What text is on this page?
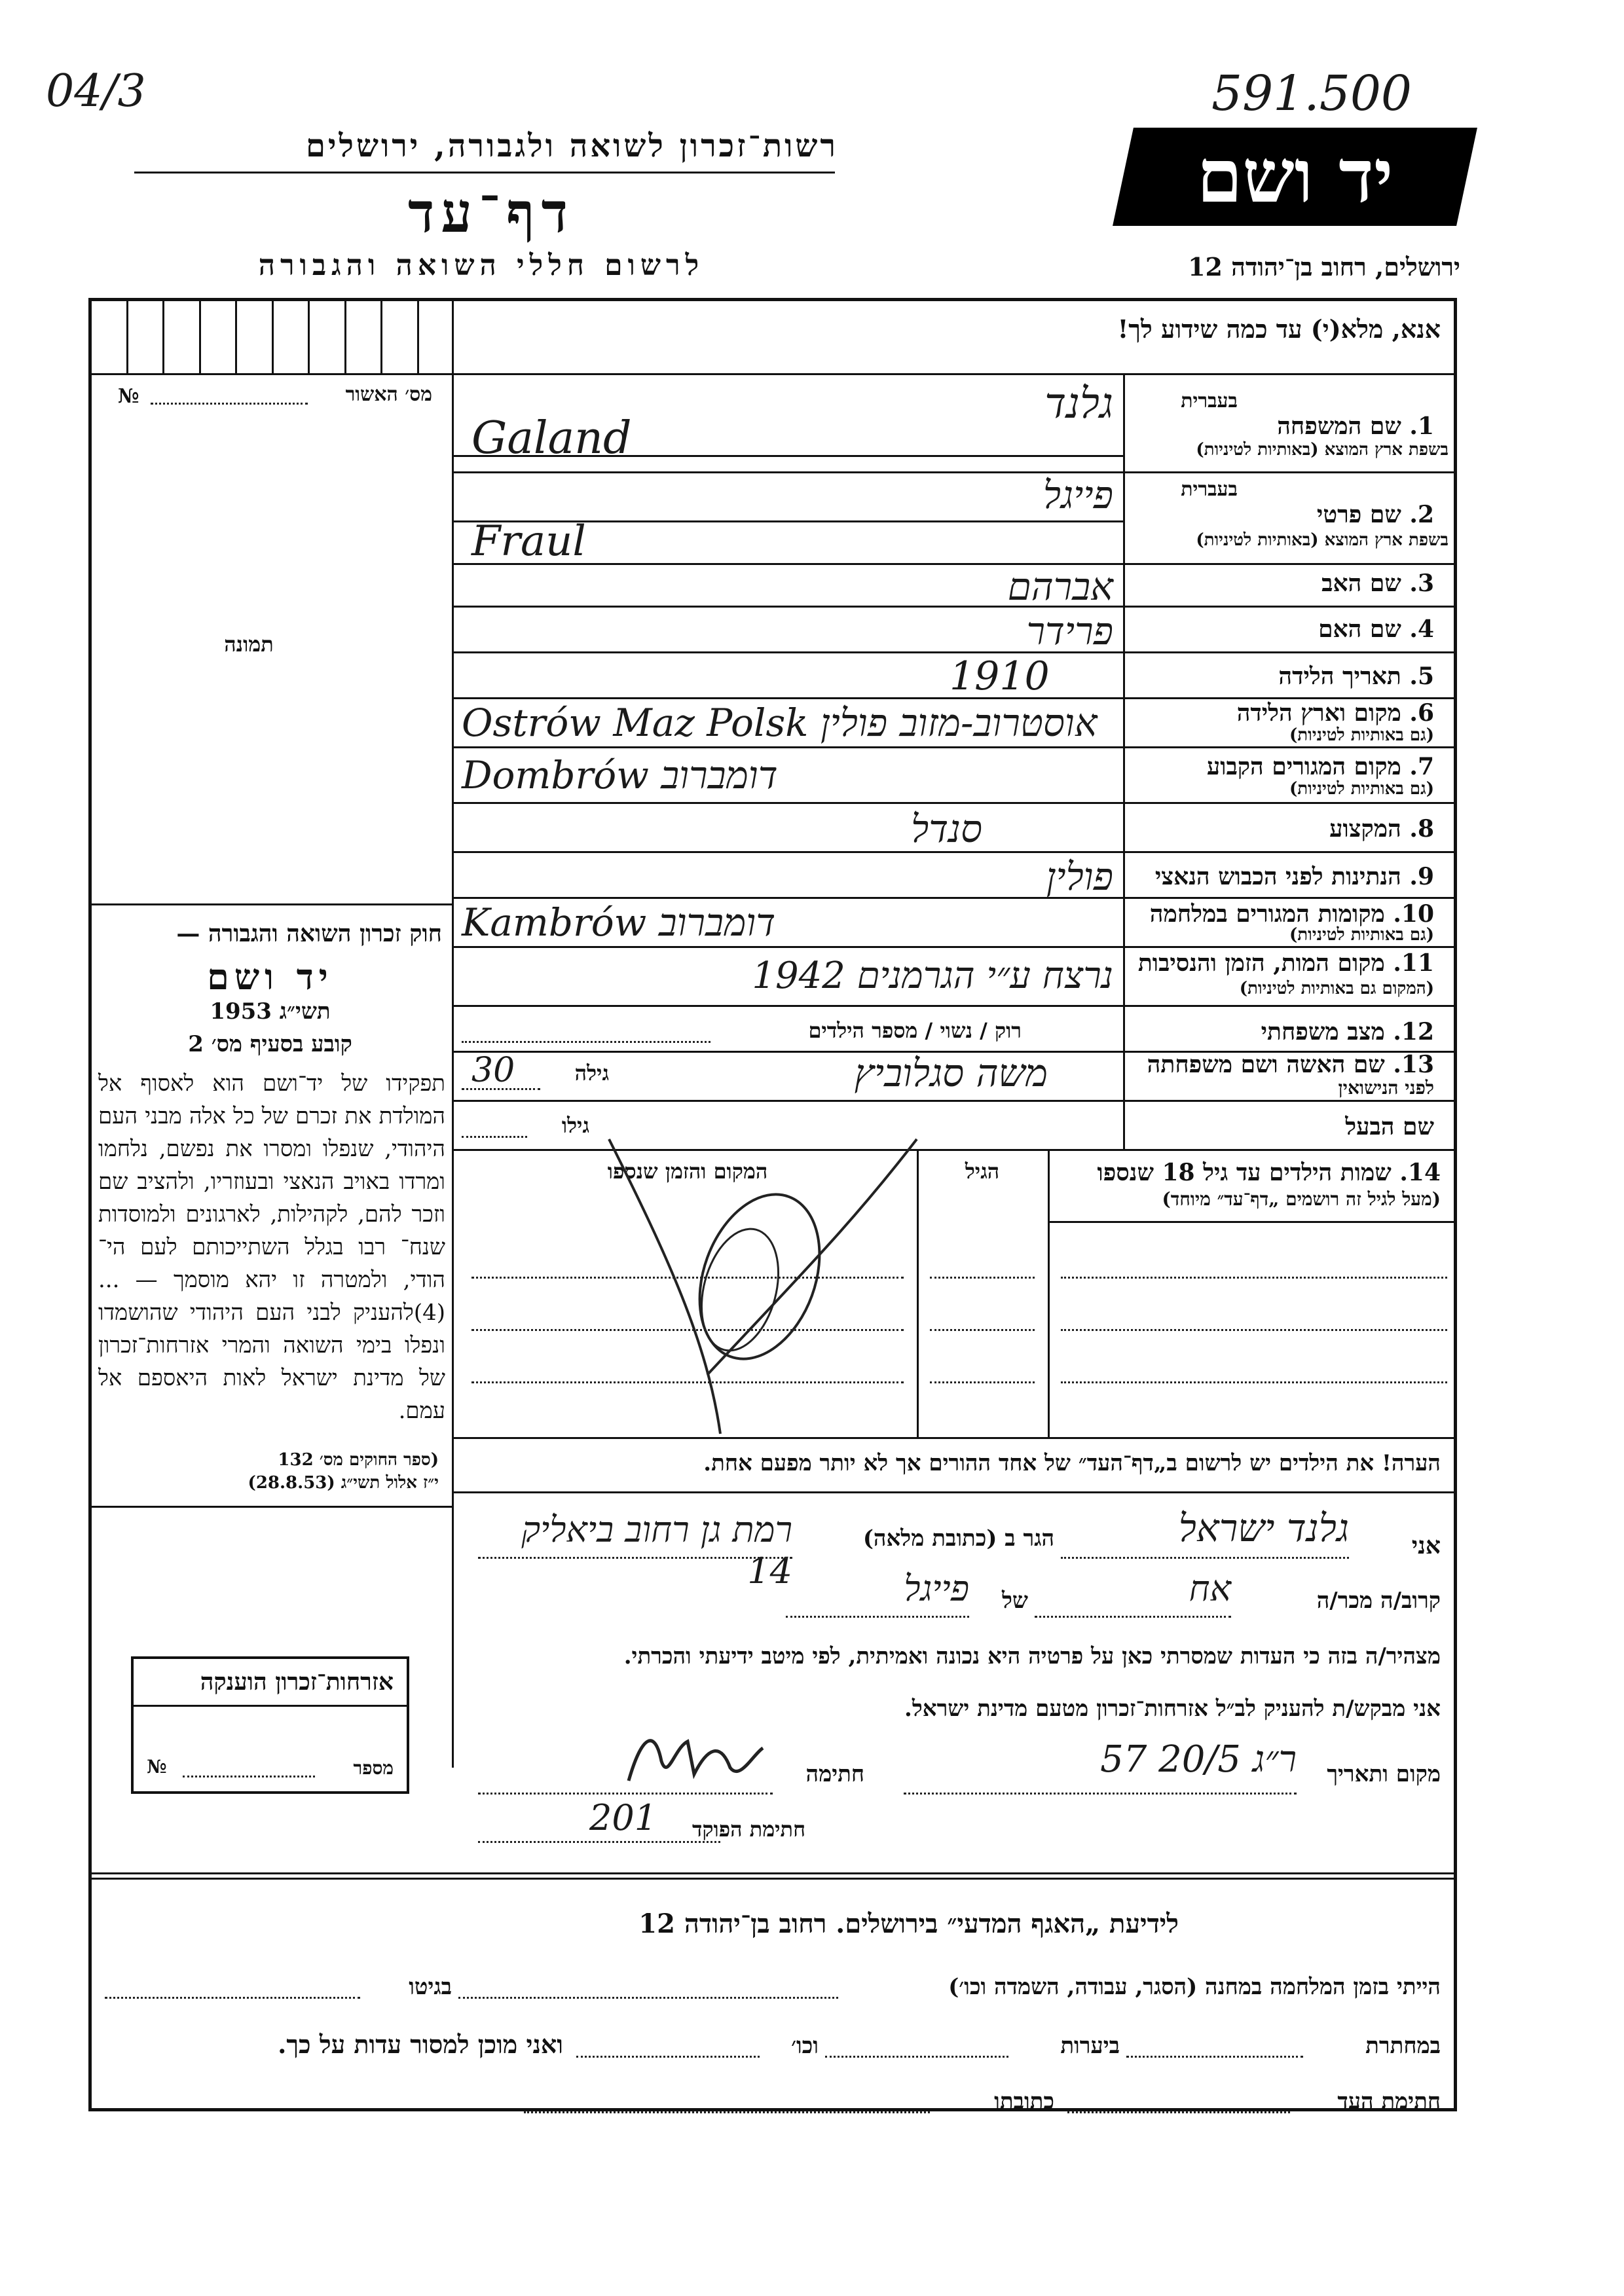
04/3	591.500
רשות־זכרון לשואה ולגבורה, ירושלים
דף־עד
לרשום חללי השואה והגבורה
יד ושם
ירושלים, רחוב בן־יהודה 12
מס׳ האשור
№
תמונה
חוק זכרון השואה והגבורה —
יד ושם
תשי״ג 1953
קובע בסעיף מס׳ 2
תפקידו של יד־ושם הוא לאסוף אל המולדת את זכרם של כל אלה מבני העם היהודי, שנפלו ומסרו את נפשם, נלחמו ומרדו באויב הנאצי ובעוזריו, ולהציב שם וזכר להם, לקהילות, לארגונים ולמוסדות שנח־ רבו בגלל השתייכותם לעם הי־ הודי, ולמטרה זו יהא מוסמך — ...(4)להעניק לבני העם היהודי שהושמדו ונפלו בימי השואה והמרי אזרחות־זכרון של מדינת ישראל לאות היאספם אל עמם.
(ספר החוקים מס׳ 132
י״ז אלול תשי״ג (28.8.53)
אזרחות־זכרון הוענקה
מספר
№
אנא, מלא(י) עד כמה שידוע לך!
בעברית
1. שם המשפחה
בשפת ארץ המוצא (באותיות לטיניות)
גלנד
Galand
בעברית
2. שם פרטי
בשפת ארץ המוצא (באותיות לטיניות)
פייגל
Fraul
3. שם האב
אברהם
4. שם האם
פרידר
5. תאריך הלידה
1910
6. מקום וארץ הלידה
(גם באותיות לטיניות)
Ostrów Maz Polsk אוסטרוב-מזוב פולין
7. מקום המגורים הקבוע
(גם באותיות לטיניות)
Dombrów דומברוב
8. המקצוע
סנדל
9. הנתינות לפני הכבוש הנאצי
פולין
10. מקומות המגורים במלחמה
(גם באותיות לטיניות)
Kambrów דומברוב
11. מקום המות, הזמן והנסיבות
(המקום גם באותיות לטיניות)
נרצח ע״י הגרמנים 1942
12. מצב משפחתי
רוק / נשוי / מספר הילדים
13. שם האשה ושם משפחתה
לפני הנישואין
משה סגלוביץ
גילה
30
שם הבעל
גילו
14. שמות הילדים עד גיל 18 שנספו
(מעל לגיל זה רושמים „דף־עד״ מיוחד)
הגיל
המקום והזמן שנספו
הערה! את הילדים יש לרשום ב„דף־העד״ של אחד ההורים אך לא יותר מפעם אחת.
אני
גלנד ישראל
הגר ב (כתובת מלאה)
רמת גן רחוב ביאליק 14
קרוב/ה מכר/ה
אח
של
פייגל
מצהיר/ה בזה כי העדות שמסרתי כאן על פרטיה היא נכונה ואמיתית, לפי מיטב ידיעתי והכרתי.
אני מבקש/ת להעניק לב״ל אזרחות־זכרון מטעם מדינת ישראל.
מקום ותאריך
ר״ג 20/5 57
חתימה
חתימת הפוקד
201
לידיעת „האגף המדעי״ בירושלים. רחוב בן־יהודה 12
הייתי בזמן המלחמה במחנה (הסגר, עבודה, השמדה וכו׳)
בגיטו
במחתרת
ביערות
וכו׳
ואני מוכן למסור עדות על כך.
חתימת העד
כתובתו
